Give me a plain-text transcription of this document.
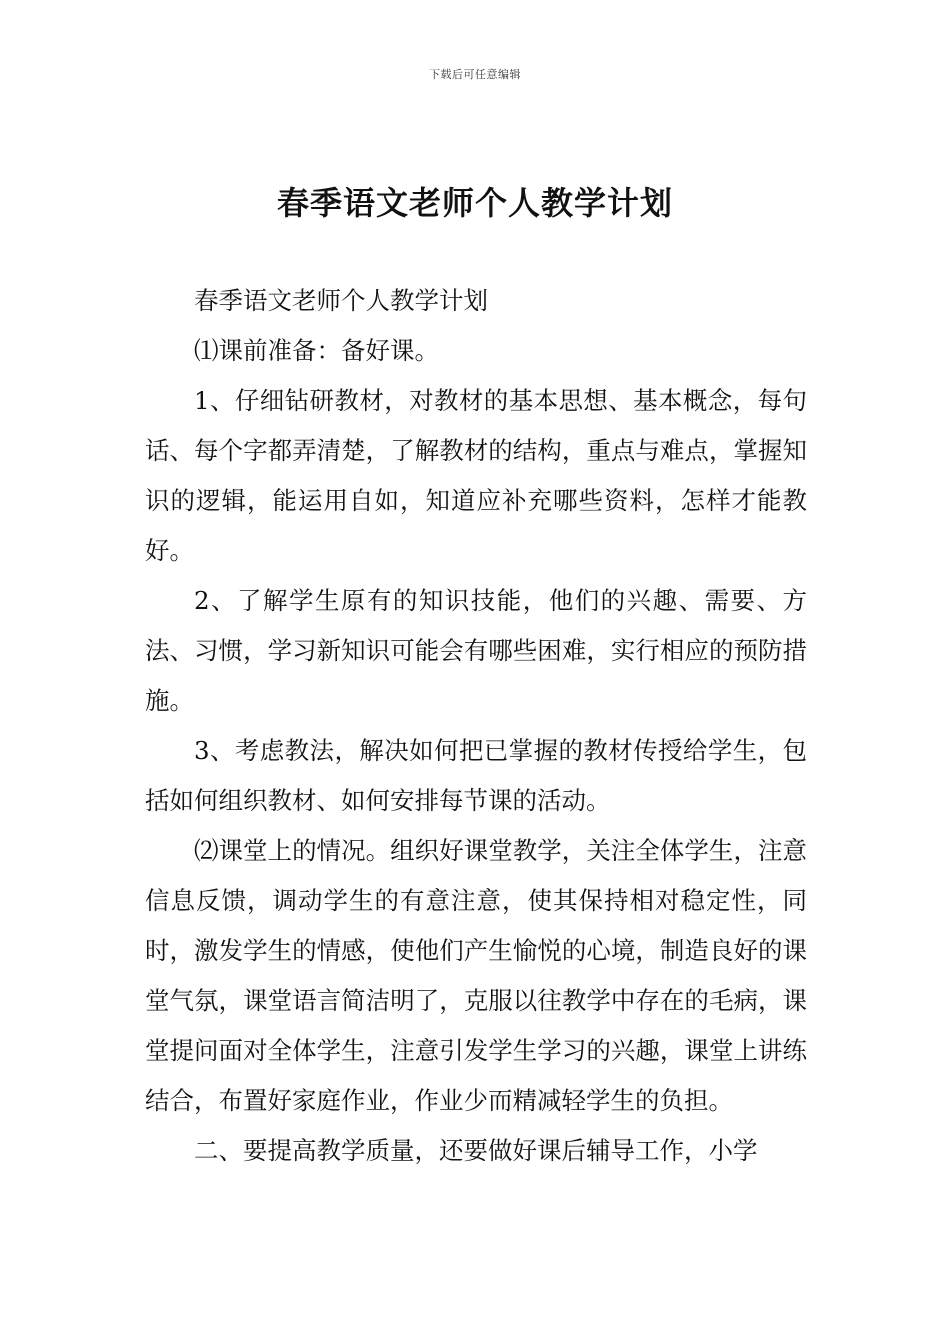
下载后可任意编辑
春季语文老师个人教学计划

春季语文老师个人教学计划

⑴课前准备：备好课。

1、仔细钻研教材，对教材的基本思想、基本概念，每句话、每个字都弄清楚，了解教材的结构，重点与难点，掌握知识的逻辑，能运用自如，知道应补充哪些资料，怎样才能教好。

2、了解学生原有的知识技能，他们的兴趣、需要、方法、习惯，学习新知识可能会有哪些困难，实行相应的预防措施。

3、考虑教法，解决如何把已掌握的教材传授给学生，包括如何组织教材、如何安排每节课的活动。

⑵课堂上的情况。组织好课堂教学，关注全体学生，注意信息反馈，调动学生的有意注意，使其保持相对稳定性，同时，激发学生的情感，使他们产生愉悦的心境，制造良好的课堂气氛，课堂语言简洁明了，克服以往教学中存在的毛病，课堂提问面对全体学生，注意引发学生学习的兴趣，课堂上讲练结合，布置好家庭作业，作业少而精减轻学生的负担。

二、要提高教学质量，还要做好课后辅导工作，小学
